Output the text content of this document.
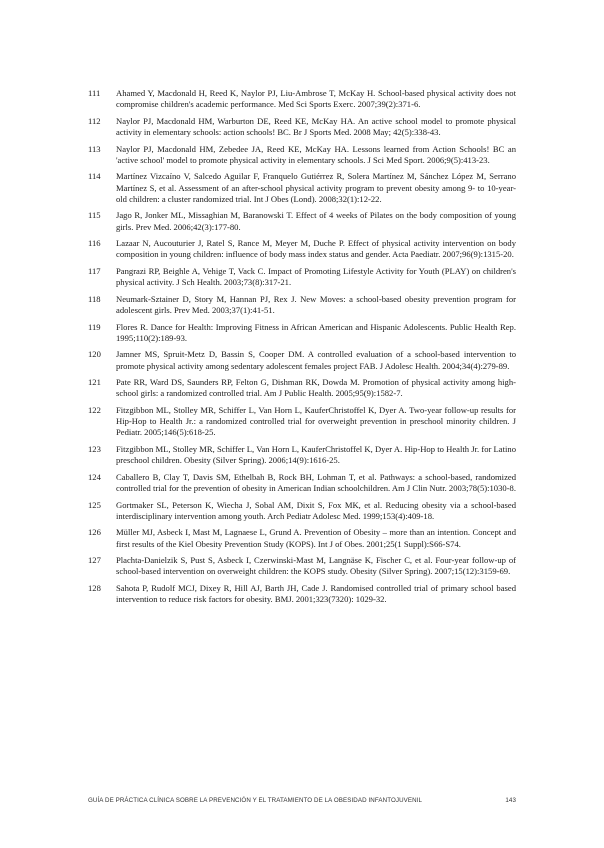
111	Ahamed Y, Macdonald H, Reed K, Naylor PJ, Liu-Ambrose T, McKay H. School-based physical activity does not compromise children's academic performance. Med Sci Sports Exerc. 2007;39(2):371-6.
112	Naylor PJ, Macdonald HM, Warburton DE, Reed KE, McKay HA. An active school model to promote physical activity in elementary schools: action schools! BC. Br J Sports Med. 2008 May; 42(5):338-43.
113	Naylor PJ, Macdonald HM, Zebedee JA, Reed KE, McKay HA. Lessons learned from Action Schools! BC an 'active school' model to promote physical activity in elementary schools. J Sci Med Sport. 2006;9(5):413-23.
114	Martínez Vizcaíno V, Salcedo Aguilar F, Franquelo Gutiérrez R, Solera Martínez M, Sánchez López M, Serrano Martínez S, et al. Assessment of an after-school physical activity program to prevent obesity among 9- to 10-year-old children: a cluster randomized trial. Int J Obes (Lond). 2008;32(1):12-22.
115	Jago R, Jonker ML, Missaghian M, Baranowski T. Effect of 4 weeks of Pilates on the body composition of young girls. Prev Med. 2006;42(3):177-80.
116	Lazaar N, Aucouturier J, Ratel S, Rance M, Meyer M, Duche P. Effect of physical activity intervention on body composition in young children: influence of body mass index status and gender. Acta Paediatr. 2007;96(9):1315-20.
117	Pangrazi RP, Beighle A, Vehige T, Vack C. Impact of Promoting Lifestyle Activity for Youth (PLAY) on children's physical activity. J Sch Health. 2003;73(8):317-21.
118	Neumark-Sztainer D, Story M, Hannan PJ, Rex J. New Moves: a school-based obesity prevention program for adolescent girls. Prev Med. 2003;37(1):41-51.
119	Flores R. Dance for Health: Improving Fitness in African American and Hispanic Adolescents. Public Health Rep. 1995;110(2):189-93.
120	Jamner MS, Spruit-Metz D, Bassin S, Cooper DM. A controlled evaluation of a school-based intervention to promote physical activity among sedentary adolescent females project FAB. J Adolesc Health. 2004;34(4):279-89.
121	Pate RR, Ward DS, Saunders RP, Felton G, Dishman RK, Dowda M. Promotion of physical activity among high-school girls: a randomized controlled trial. Am J Public Health. 2005;95(9):1582-7.
122	Fitzgibbon ML, Stolley MR, Schiffer L, Van Horn L, KauferChristoffel K, Dyer A. Two-year follow-up results for Hip-Hop to Health Jr.: a randomized controlled trial for overweight prevention in preschool minority children. J Pediatr. 2005;146(5):618-25.
123	Fitzgibbon ML, Stolley MR, Schiffer L, Van Horn L, KauferChristoffel K, Dyer A. Hip-Hop to Health Jr. for Latino preschool children. Obesity (Silver Spring). 2006;14(9):1616-25.
124	Caballero B, Clay T, Davis SM, Ethelbah B, Rock BH, Lohman T, et al. Pathways: a school-based, randomized controlled trial for the prevention of obesity in American Indian schoolchildren. Am J Clin Nutr. 2003;78(5):1030-8.
125	Gortmaker SL, Peterson K, Wiecha J, Sobal AM, Dixit S, Fox MK, et al. Reducing obesity via a school-based interdisciplinary intervention among youth. Arch Pediatr Adolesc Med. 1999;153(4):409-18.
126	Müller MJ, Asbeck I, Mast M, Lagnaese L, Grund A. Prevention of Obesity – more than an intention. Concept and first results of the Kiel Obesity Prevention Study (KOPS). Int J of Obes. 2001;25(1 Suppl):S66-S74.
127	Plachta-Danielzik S, Pust S, Asbeck I, Czerwinski-Mast M, Langnäse K, Fischer C, et al. Four-year follow-up of school-based intervention on overweight children: the KOPS study. Obesity (Silver Spring). 2007;15(12):3159-69.
128	Sahota P, Rudolf MCJ, Dixey R, Hill AJ, Barth JH, Cade J. Randomised controlled trial of primary school based intervention to reduce risk factors for obesity. BMJ. 2001;323(7320): 1029-32.
GUÍA DE PRÁCTICA CLÍNICA SOBRE LA PREVENCIÓN Y EL TRATAMIENTO DE LA OBESIDAD INFANTOJUVENIL	143
